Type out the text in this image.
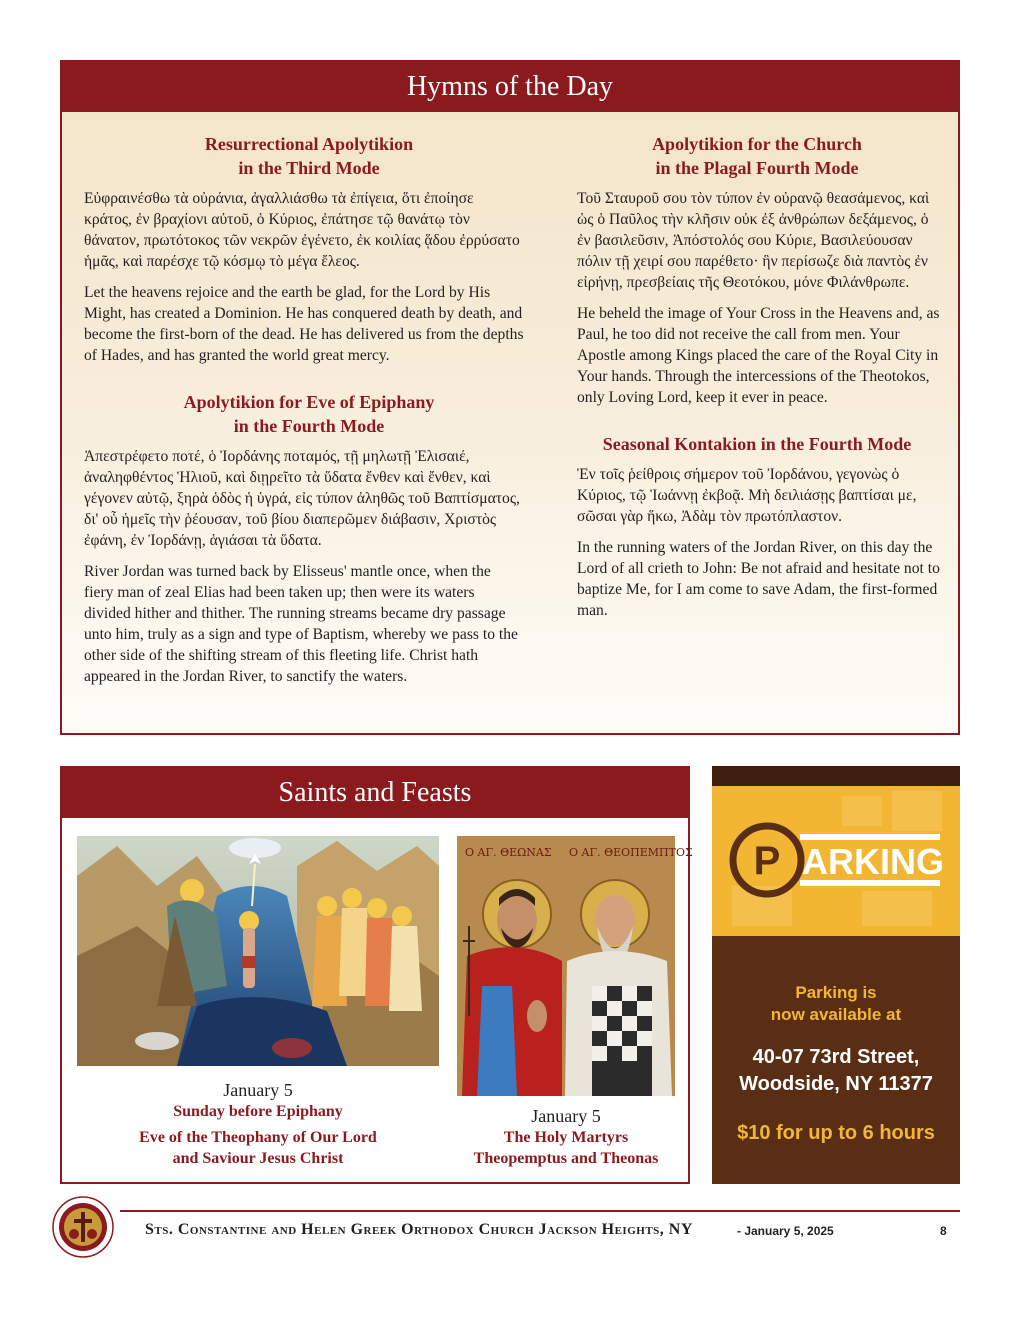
Hymns of the Day
Resurrectional Apolytikion
in the Third Mode

Εὐφραινέσθω τὰ οὐράνια, ἀγαλλιάσθω τὰ ἐπίγεια, ὅτι ἐποίησε κράτος, ἐν βραχίονι αὐτοῦ, ὁ Κύριος, ἐπάτησε τῷ θανάτῳ τὸν θάνατον, πρωτότοκος τῶν νεκρῶν ἐγένετο, ἐκ κοιλίας ᾅδου ἐρρύσατο ἡμᾶς, καὶ παρέσχε τῷ κόσμῳ τὸ μέγα ἔλεος.

Let the heavens rejoice and the earth be glad, for the Lord by His Might, has created a Dominion. He has conquered death by death, and become the first-born of the dead. He has delivered us from the depths of Hades, and has granted the world great mercy.

Apolytikion for Eve of Epiphany
in the Fourth Mode

Ἀπεστρέφετο ποτέ, ὁ Ἰορδάνης ποταμός, τῇ μηλωτῇ Ἐλισαιέ, ἀναληφθέντος Ἡλιοῦ, καὶ διῃρεῖτο τὰ ὕδατα ἔνθεν καὶ ἔνθεν, καὶ γέγονεν αὐτῷ, ξηρὰ ὁδὸς ἡ ὑγρά, εἰς τύπον ἀληθῶς τοῦ Βαπτίσματος, δι' οὗ ἡμεῖς τὴν ῥέουσαν, τοῦ βίου διαπερῶμεν διάβασιν, Χριστὸς ἐφάνη, ἐν Ἰορδάνῃ, ἁγιάσαι τὰ ὕδατα.

River Jordan was turned back by Elisseus' mantle once, when the fiery man of zeal Elias had been taken up; then were its waters divided hither and thither. The running streams became dry passage unto him, truly as a sign and type of Baptism, whereby we pass to the other side of the shifting stream of this fleeting life. Christ hath appeared in the Jordan River, to sanctify the waters.

Apolytikion for the Church
in the Plagal Fourth Mode

Τοῦ Σταυροῦ σου τὸν τύπον ἐν οὐρανῷ θεασάμενος, καὶ ὡς ὁ Παῦλος τὴν κλῆσιν οὐκ ἐξ ἀνθρώπων δεξάμενος, ὁ ἐν βασιλεῦσιν, Ἀπόστολός σου Κύριε, Βασιλεύουσαν πόλιν τῇ χειρί σου παρέθετο· ἣν περίσωζε διὰ παντὸς ἐν εἰρήνῃ, πρεσβείαις τῆς Θεοτόκου, μόνε Φιλάνθρωπε.

He beheld the image of Your Cross in the Heavens and, as Paul, he too did not receive the call from men. Your Apostle among Kings placed the care of the Royal City in Your hands. Through the intercessions of the Theotokos, only Loving Lord, keep it ever in peace.

Seasonal Kontakion in the Fourth Mode

Ἐν τοῖς ῥείθροις σήμερον τοῦ Ἰορδάνου, γεγονὼς ὁ Κύριος, τῷ Ἰωάννῃ ἐκβοᾷ. Μὴ δειλιάσῃς βαπτίσαι με, σῶσαι γὰρ ἥκω, Ἀδὰμ τὸν πρωτόπλαστον.

In the running waters of the Jordan River, on this day the Lord of all crieth to John: Be not afraid and hesitate not to baptize Me, for I am come to save Adam, the first-formed man.

Saints and Feasts
Ο ΑΓ. ΘΕΩΝΑΣ Ο ΑΓ. ΘΕΟΠΕΜΠΤΟΣ
January 5
Sunday before Epiphany
Eve of the Theophany of Our Lord
and Saviour Jesus Christ
January 5
The Holy Martyrs
Theopemptus and Theonas
P ARKING
Parking is
now available at
40-07 73rd Street,
Woodside, NY 11377
$10 for up to 6 hours
Sts. Constantine and Helen Greek Orthodox Church Jackson Heights, NY	- January 5, 2025	8
